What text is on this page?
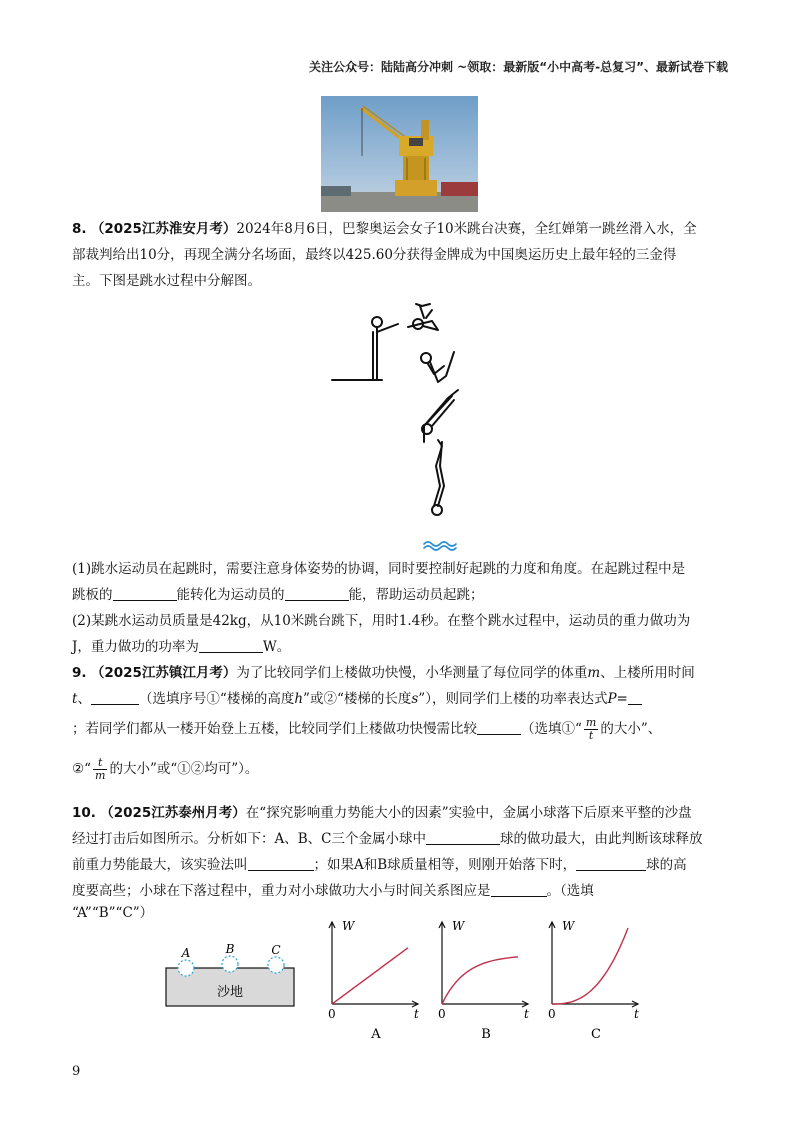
关注公众号：陆陆高分冲刺 ~领取：最新版“小中高考-总复习”、最新试卷下载

8. （2025江苏淮安月考）2024年8月6日，巴黎奥运会女子10米跳台决赛，全红婵第一跳丝滑入水，全

部裁判给出10分，再现全满分名场面，最终以425.60分获得金牌成为中国奥运历史上最年轻的三金得

主。下图是跳水过程中分解图。

(1)跳水运动员在起跳时，需要注意身体姿势的协调，同时要控制好起跳的力度和角度。在起跳过程中是

跳板的	能转化为运动员的	能，帮助运动员起跳；

(2)某跳水运动员质量是42kg，从10米跳台跳下，用时1.4秒。在整个跳水过程中，运动员的重力做功为

J，重力做功的功率为	W。

9. （2025江苏镇江月考）为了比较同学们上楼做功快慢，小华测量了每位同学的体重m、上楼所用时间

t、	（选填序号①“楼梯的高度h”或②“楼梯的长度s”），则同学们上楼的功率表达式P=

；若同学们都从一楼开始登上五楼，比较同学们上楼做功快慢需比较	（选填①“ $\frac{m}{t}$ 的大小”、

②“ $\frac{t}{m}$ 的大小”或“①②均可”）。

10. （2025江苏泰州月考）在“探究影响重力势能大小的因素”实验中，金属小球落下后原来平整的沙盘

经过打击后如图所示。分析如下：A、B、C三个金属小球中	球的做功最大，由此判断该球释放

前重力势能最大，该实验法叫	；如果A和B球质量相等，则刚开始落下时，	球的高

度要高些；小球在下落过程中，重力对小球做功大小与时间关系图应是	。（选填

“A”“B”“C”）

A	B	C
沙地
W
t
0
A
W
t
0
B
W
t
0
C
9
